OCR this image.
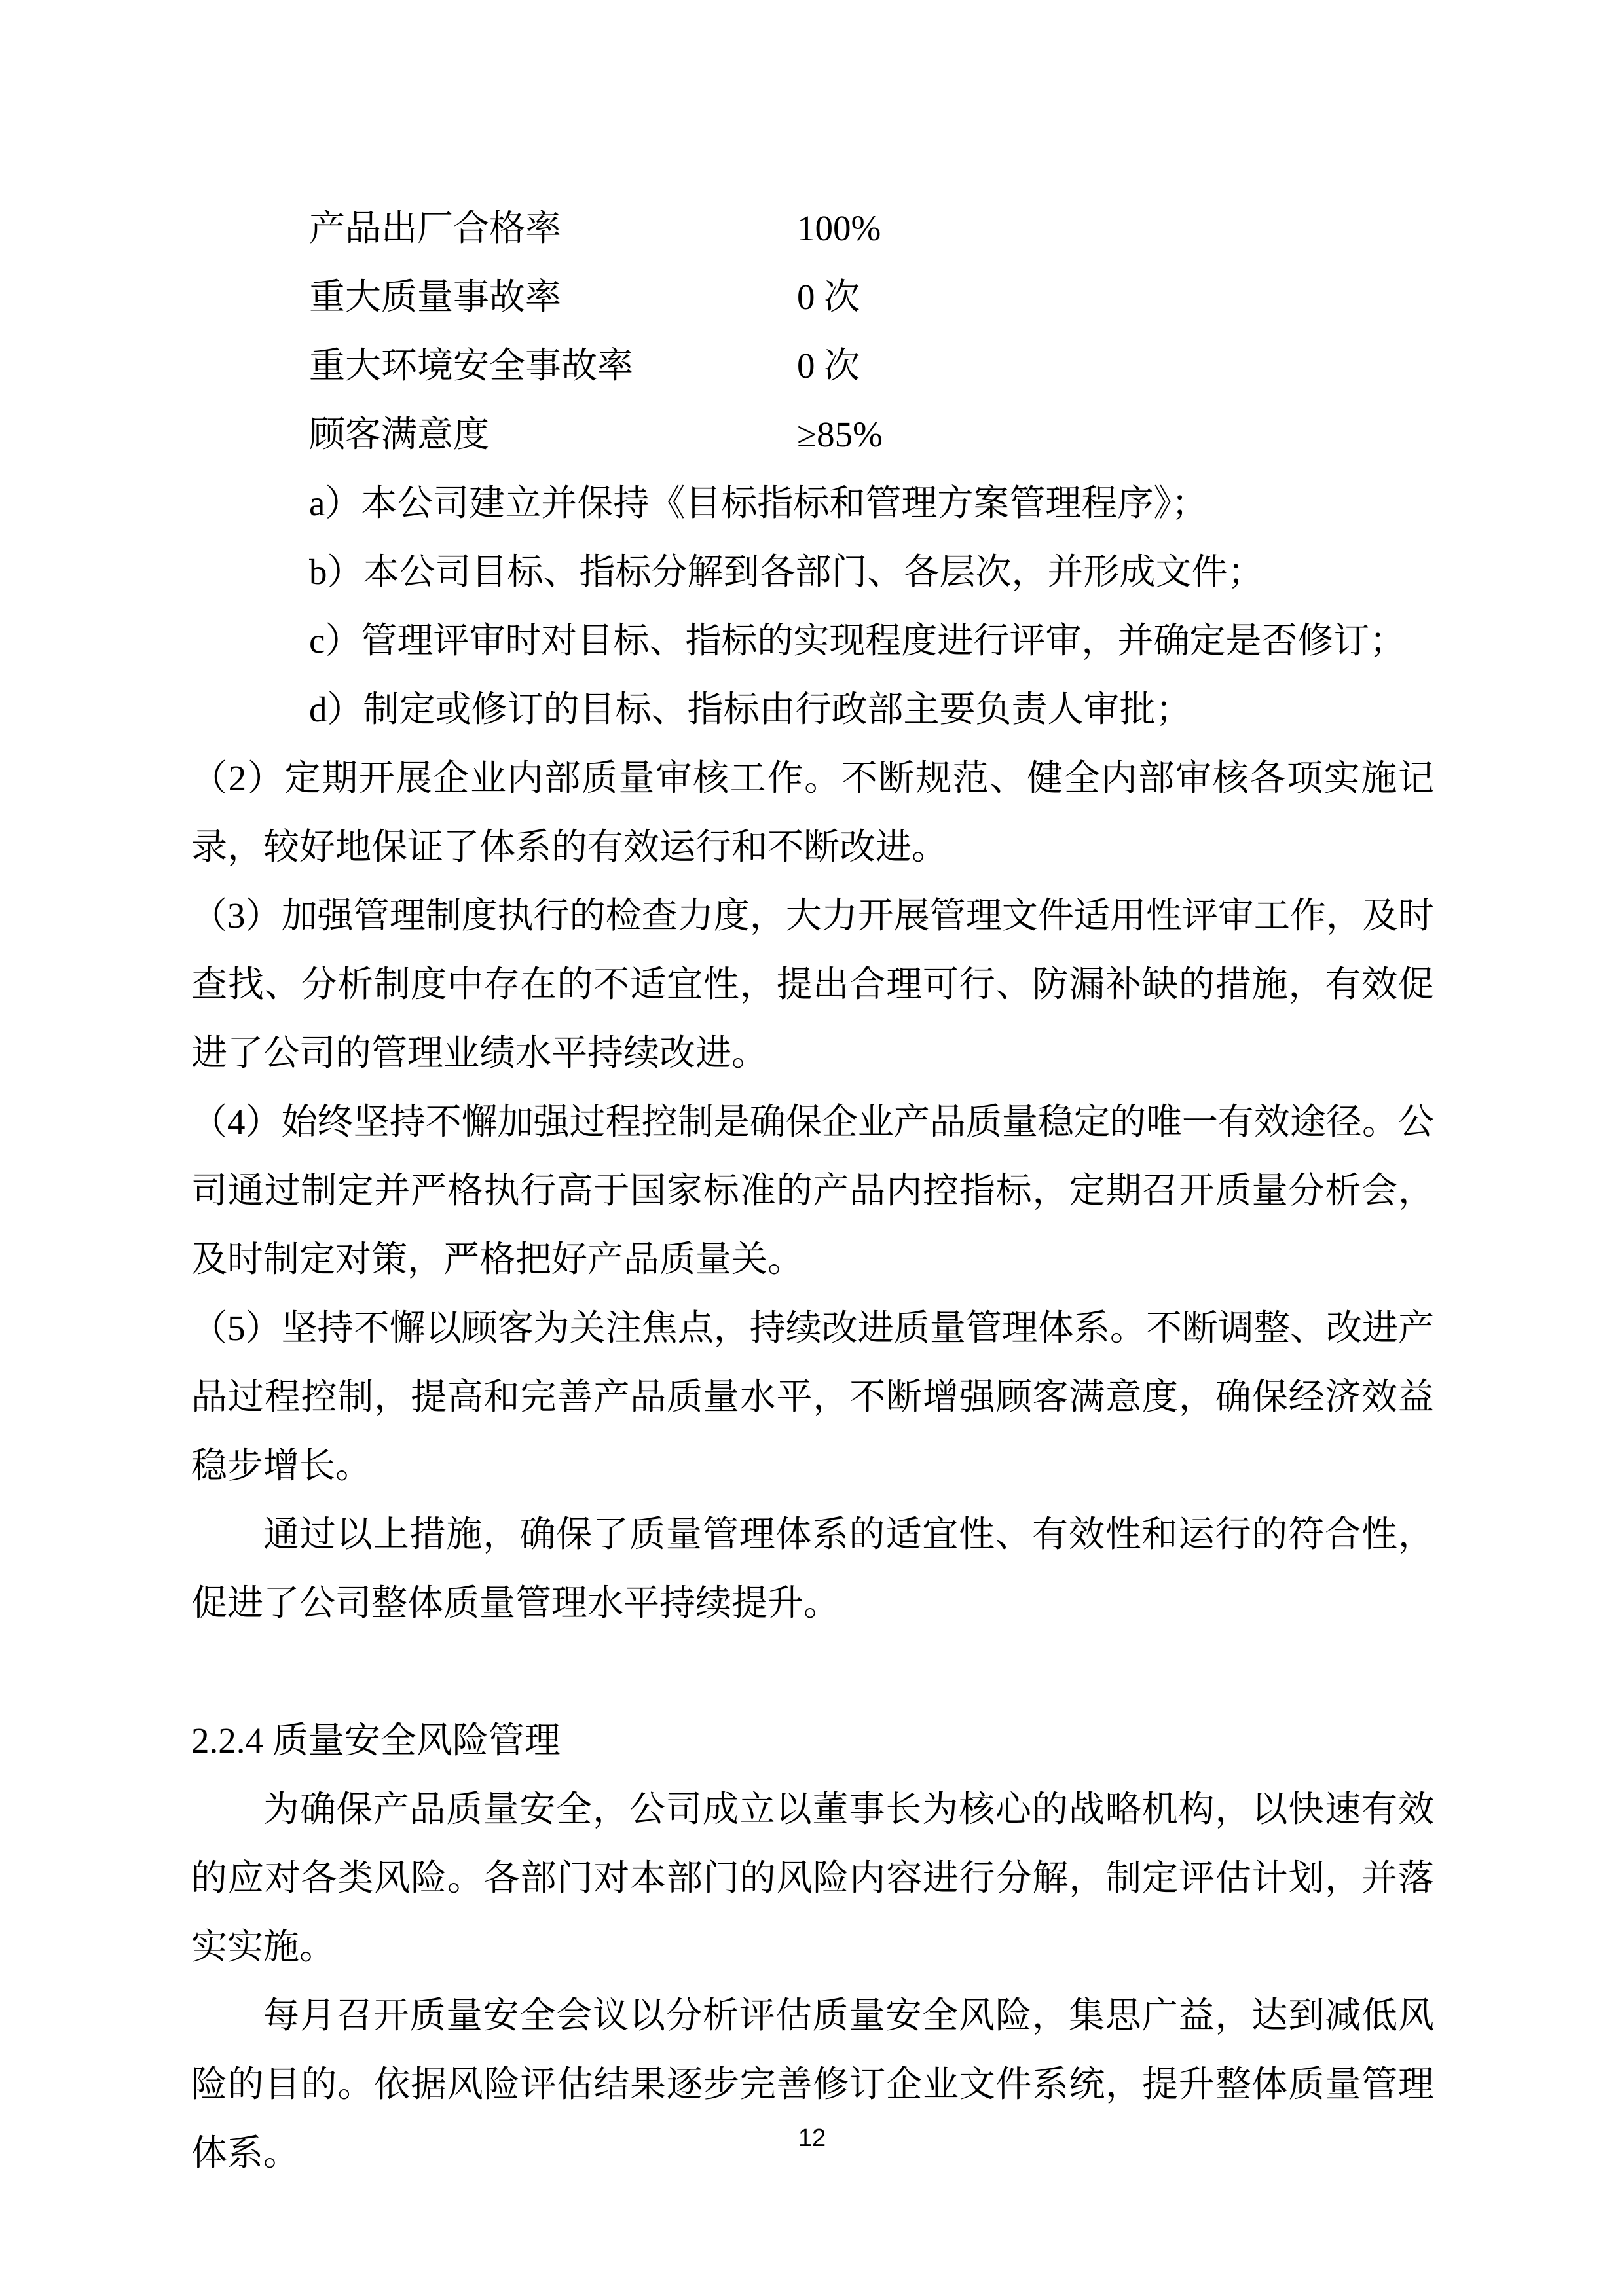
产品出厂合格率	100%
重大质量事故率	0 次
重大环境安全事故率	0 次
顾客满意度	≥85%
a）本公司建立并保持《目标指标和管理方案管理程序》；
b）本公司目标、指标分解到各部门、各层次，并形成文件；
c）管理评审时对目标、指标的实现程度进行评审，并确定是否修订；
d）制定或修订的目标、指标由行政部主要负责人审批；

（2）定期开展企业内部质量审核工作。不断规范、健全内部审核各项实施记录，较好地保证了体系的有效运行和不断改进。

（3）加强管理制度执行的检查力度，大力开展管理文件适用性评审工作，及时查找、分析制度中存在的不适宜性，提出合理可行、防漏补缺的措施，有效促进了公司的管理业绩水平持续改进。

（4）始终坚持不懈加强过程控制是确保企业产品质量稳定的唯一有效途径。公司通过制定并严格执行高于国家标准的产品内控指标，定期召开质量分析会，及时制定对策，严格把好产品质量关。

（5）坚持不懈以顾客为关注焦点，持续改进质量管理体系。不断调整、改进产品过程控制，提高和完善产品质量水平，不断增强顾客满意度，确保经济效益稳步增长。

通过以上措施，确保了质量管理体系的适宜性、有效性和运行的符合性，促进了公司整体质量管理水平持续提升。

2.2.4 质量安全风险管理

为确保产品质量安全，公司成立以董事长为核心的战略机构，以快速有效的应对各类风险。各部门对本部门的风险内容进行分解，制定评估计划，并落实实施。

每月召开质量安全会议以分析评估质量安全风险，集思广益，达到减低风险的目的。依据风险评估结果逐步完善修订企业文件系统，提升整体质量管理体系。	12
